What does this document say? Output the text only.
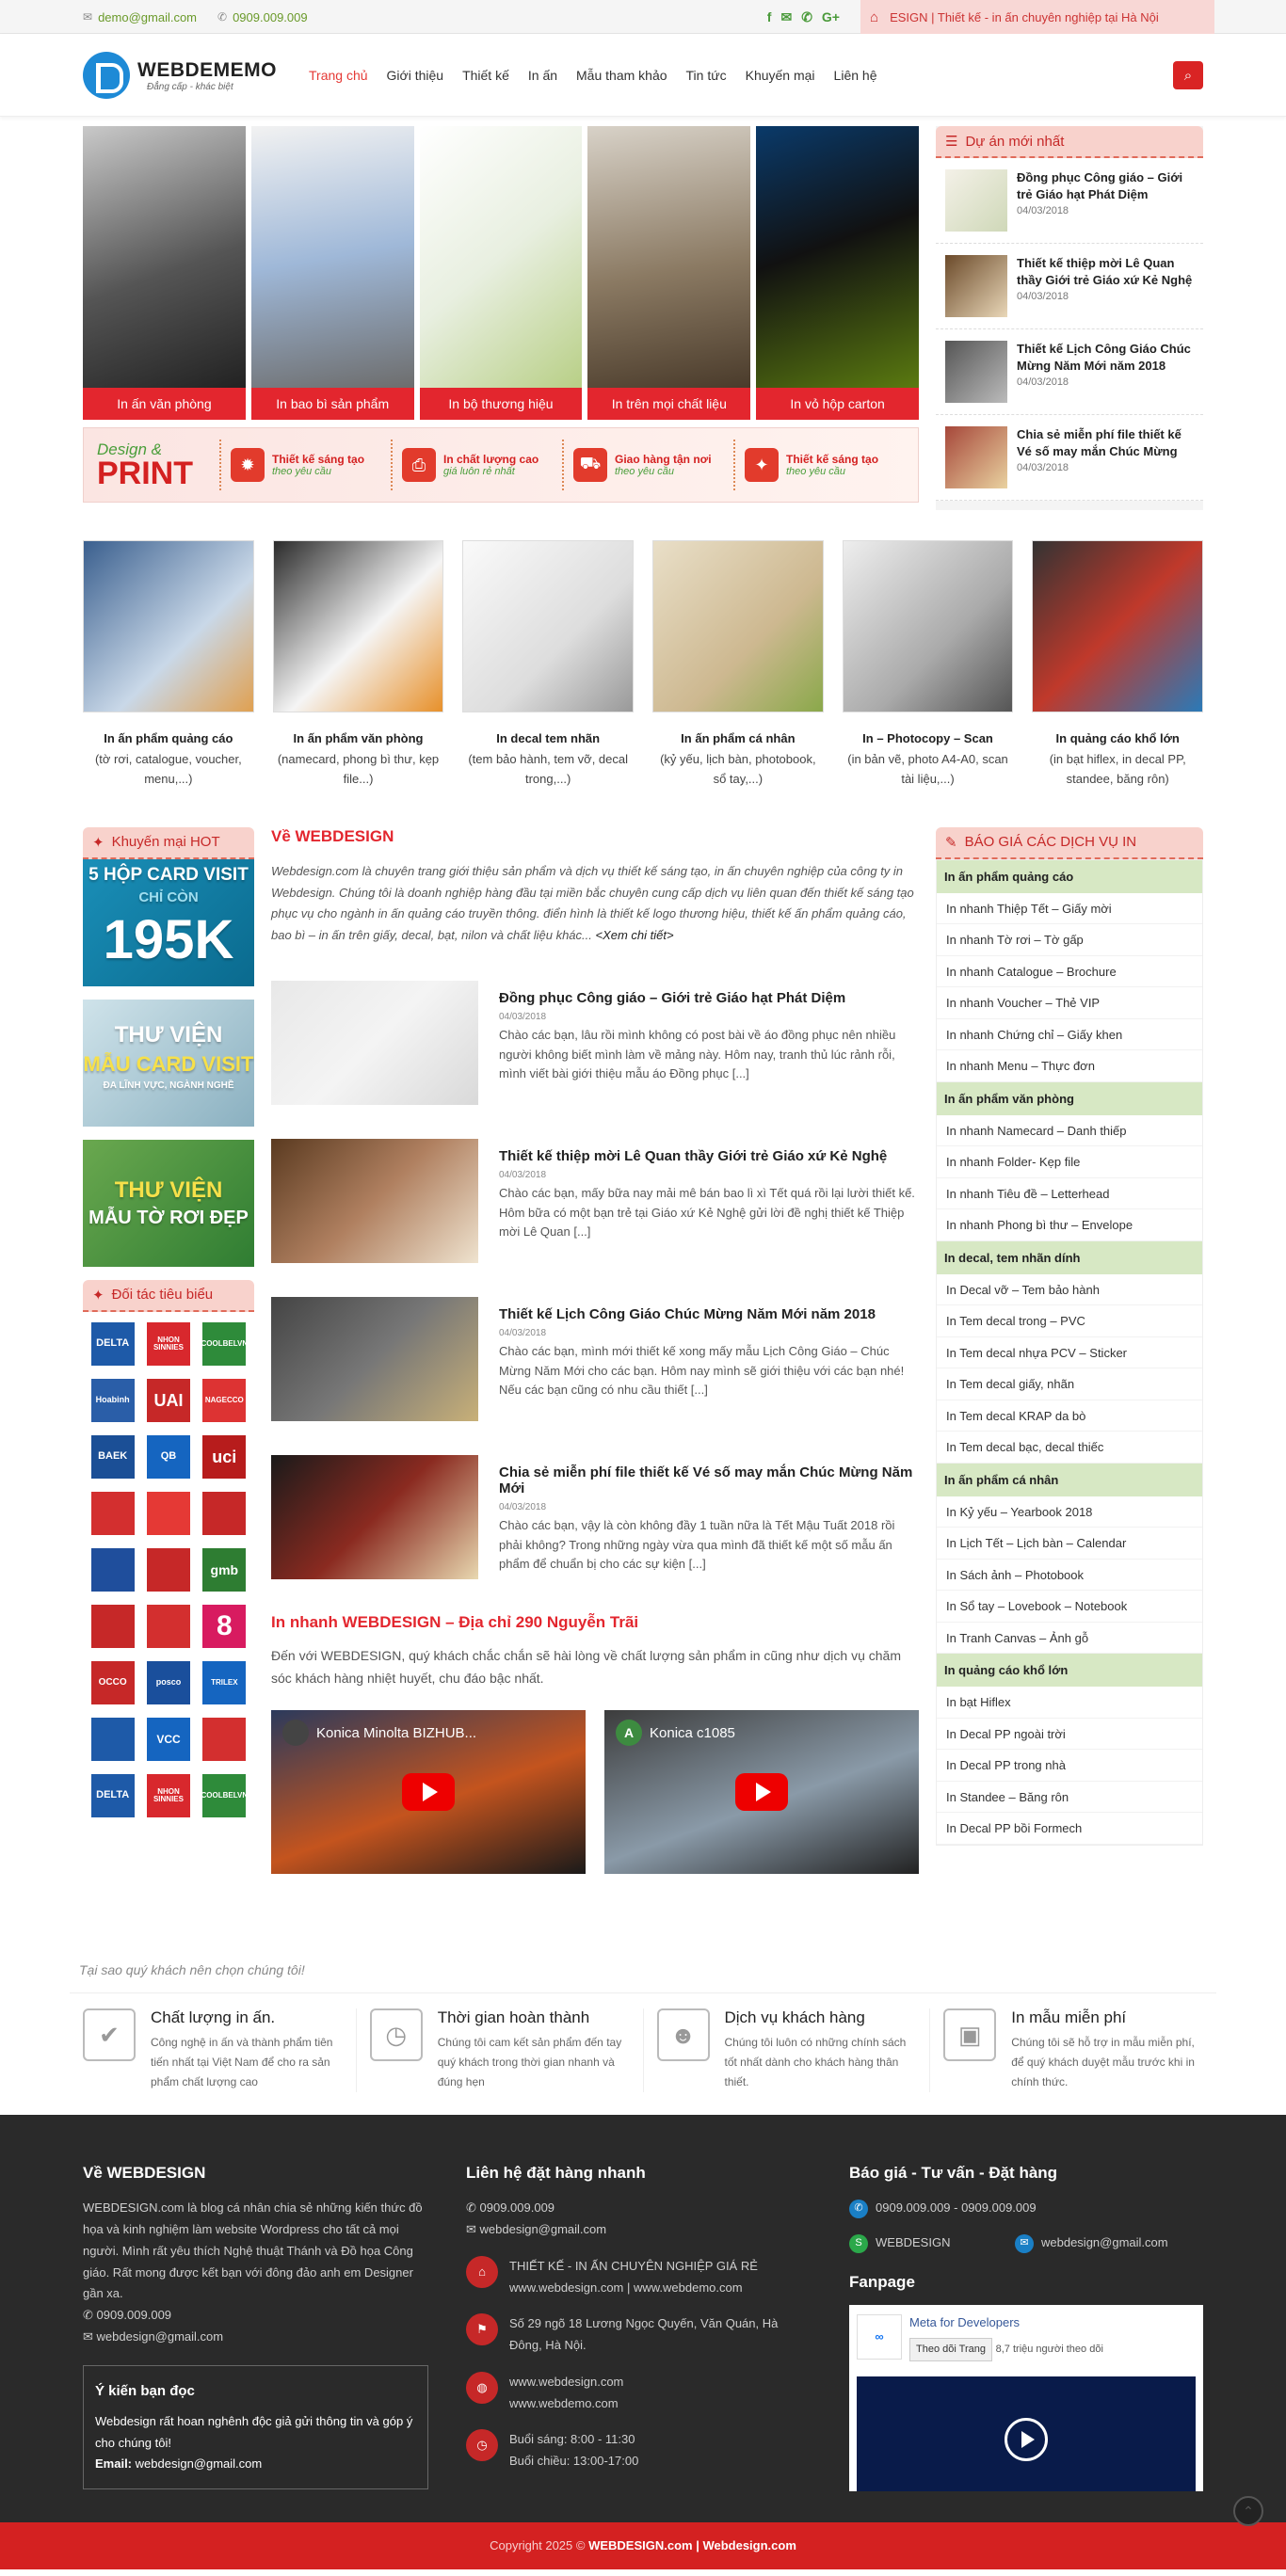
✉ demo@gmail.com ✆ 0909.009.009	f ✉ ✆ G+ ⌂ ESIGN | Thiết kế - in ấn chuyên nghiệp tại Hà Nội
WEBDEMEMO
Đẳng cấp - khác biệt
Trang chủ	Giới thiệu	Thiết kế	In ấn	Mẫu tham khảo	Tin tức	Khuyến mại	Liên hệ	⌕
In ấn văn phòng	In bao bì sản phẩm	In bộ thương hiệu	In trên mọi chất liệu	In vỏ hộp carton
Design &
PRINT	✹	Thiết kế sáng tạo
theo yêu cầu	⎙	In chất lượng cao
giá luôn rẻ nhất	⛟	Giao hàng tận nơi
theo yêu cầu	✦	Thiết kế sáng tạo
theo yêu cầu
☰ Dự án mới nhất
Đồng phục Công giáo – Giới trẻ Giáo hạt Phát Diệm
04/03/2018
Thiết kế thiệp mời Lê Quan thầy Giới trẻ Giáo xứ Kẻ Nghệ
04/03/2018
Thiết kế Lịch Công Giáo Chúc Mừng Năm Mới năm 2018
04/03/2018
Chia sẻ miễn phí file thiết kế Vé số may mắn Chúc Mừng
04/03/2018
In ấn phẩm quảng cáo
(tờ rơi, catalogue, voucher, menu,...)
In ấn phẩm văn phòng
(namecard, phong bì thư, kẹp file...)
In decal tem nhãn
(tem bảo hành, tem vỡ, decal trong,...)
In ấn phẩm cá nhân
(kỷ yếu, lịch bàn, photobook, sổ tay,...)
In – Photocopy – Scan
(in bản vẽ, photo A4-A0, scan tài liệu,...)
In quảng cáo khổ lớn
(in bạt hiflex, in decal PP, standee, băng rôn)
✦ Khuyến mại HOT
5 HỘP CARD VISIT
CHỈ CÒN
195K
THƯ VIỆN
MẪU CARD VISIT
ĐA LĨNH VỰC, NGÀNH NGHỀ
THƯ VIỆN
MẪU TỜ RƠI ĐẸP
✦ Đối tác tiêu biểu
DELTA	NHON SINNIES	COOLBELVN
Hoabinh	UAI	NAGECCO
BAEK	QB	uci
gmb
8
OCCO	posco	TRILEX
VCC
DELTA	NHON SINNIES	COOLBELVN
Về WEBDESIGN
Webdesign.com là chuyên trang giới thiệu sản phẩm và dịch vụ thiết kế sáng tạo, in ấn chuyên nghiệp của công ty in Webdesign. Chúng tôi là doanh nghiệp hàng đầu tại miền bắc chuyên cung cấp dịch vụ liên quan đến thiết kế sáng tạo phục vụ cho ngành in ấn quảng cáo truyền thông. điển hình là thiết kế logo thương hiệu, thiết kế ấn phẩm quảng cáo, bao bì – in ấn trên giấy, decal, bạt, nilon và chất liệu khác... <Xem chi tiết>
Đồng phục Công giáo – Giới trẻ Giáo hạt Phát Diệm
04/03/2018
Chào các bạn, lâu rồi mình không có post bài về áo đồng phục nên nhiều người không biết mình làm về mảng này. Hôm nay, tranh thủ lúc rảnh rỗi, mình viết bài giới thiệu mẫu áo Đồng phục [...]
Thiết kế thiệp mời Lê Quan thầy Giới trẻ Giáo xứ Kẻ Nghệ
04/03/2018
Chào các bạn, mấy bữa nay mải mê bán bao lì xì Tết quá rồi lại lười thiết kế. Hôm bữa có một bạn trẻ tại Giáo xứ Kẻ Nghệ gửi lời đề nghị thiết kế Thiệp mời Lê Quan [...]
Thiết kế Lịch Công Giáo Chúc Mừng Năm Mới năm 2018
04/03/2018
Chào các bạn, mình mới thiết kế xong mấy mẫu Lịch Công Giáo – Chúc Mừng Năm Mới cho các bạn. Hôm nay mình sẽ giới thiệu với các bạn nhé! Nếu các bạn cũng có nhu cầu thiết [...]
Chia sẻ miễn phí file thiết kế Vé số may mắn Chúc Mừng Năm Mới
04/03/2018
Chào các bạn, vậy là còn không đầy 1 tuần nữa là Tết Mậu Tuất 2018 rồi phải không? Trong những ngày vừa qua mình đã thiết kế một số mẫu ấn phẩm để chuẩn bị cho các sự kiện [...]
In nhanh WEBDESIGN – Địa chỉ 290 Nguyễn Trãi
Đến với WEBDESIGN, quý khách chắc chắn sẽ hài lòng về chất lượng sản phẩm in cũng như dịch vụ chăm sóc khách hàng nhiệt huyết, chu đáo bậc nhất.
Konica Minolta BIZHUB...	A	Konica c1085
✎ BÁO GIÁ CÁC DỊCH VỤ IN
In ấn phẩm quảng cáo
In nhanh Thiệp Tết – Giấy mời
In nhanh Tờ rơi – Tờ gấp
In nhanh Catalogue – Brochure
In nhanh Voucher – Thẻ VIP
In nhanh Chứng chỉ – Giấy khen
In nhanh Menu – Thực đơn
In ấn phẩm văn phòng
In nhanh Namecard – Danh thiếp
In nhanh Folder- Kẹp file
In nhanh Tiêu đề – Letterhead
In nhanh Phong bì thư – Envelope
In decal, tem nhãn dính
In Decal vỡ – Tem bảo hành
In Tem decal trong – PVC
In Tem decal nhựa PCV – Sticker
In Tem decal giấy, nhãn
In Tem decal KRAP da bò
In Tem decal bạc, decal thiếc
In ấn phẩm cá nhân
In Kỷ yếu – Yearbook 2018
In Lịch Tết – Lịch bàn – Calendar
In Sách ảnh – Photobook
In Sổ tay – Lovebook – Notebook
In Tranh Canvas – Ảnh gỗ
In quảng cáo khổ lớn
In bạt Hiflex
In Decal PP ngoài trời
In Decal PP trong nhà
In Standee – Băng rôn
In Decal PP bồi Formech
Tại sao quý khách nên chọn chúng tôi!
✔
Chất lượng in ấn.
Công nghệ in ấn và thành phẩm tiên tiến nhất tại Việt Nam để cho ra sản phẩm chất lượng cao
◷
Thời gian hoàn thành
Chúng tôi cam kết sản phẩm đến tay quý khách trong thời gian nhanh và đúng hẹn
☻
Dịch vụ khách hàng
Chúng tôi luôn có những chính sách tốt nhất dành cho khách hàng thân thiết.
▣
In mẫu miễn phí
Chúng tôi sẽ hỗ trợ in mẫu miễn phí, để quý khách duyệt mẫu trước khi in chính thức.
Về WEBDESIGN

WEBDESIGN.com là blog cá nhân chia sẻ những kiến thức đồ họa và kinh nghiệm làm website Wordpress cho tất cả mọi người. Mình rất yêu thích Nghệ thuật Thánh và Đồ họa Công giáo. Rất mong được kết bạn với đông đảo anh em Designer gần xa.

✆ 0909.009.009
✉ webdesign@gmail.com
Ý kiến bạn đọc
Webdesign rất hoan nghênh độc giả gửi thông tin và góp ý cho chúng tôi!
Email: webdesign@gmail.com
Liên hệ đặt hàng nhanh
✆ 0909.009.009
✉ webdesign@gmail.com
⌂	THIẾT KẾ - IN ẤN CHUYÊN NGHIỆP GIÁ RẺ
www.webdesign.com | www.webdemo.com
⚑	Số 29 ngõ 18 Lương Ngọc Quyến, Văn Quán, Hà Đông, Hà Nội.
◍	www.webdesign.com
www.webdemo.com
◷	Buổi sáng: 8:00 - 11:30
Buổi chiều: 13:00-17:00
Báo giá - Tư vấn - Đặt hàng
✆	0909.009.009 - 0909.009.009
S	WEBDESIGN	✉	webdesign@gmail.com
Fanpage
∞
Meta for Developers
Theo dõi Trang 8,7 triệu người theo dõi
⌃
Copyright 2025 © WEBDESIGN.com | Webdesign.com
